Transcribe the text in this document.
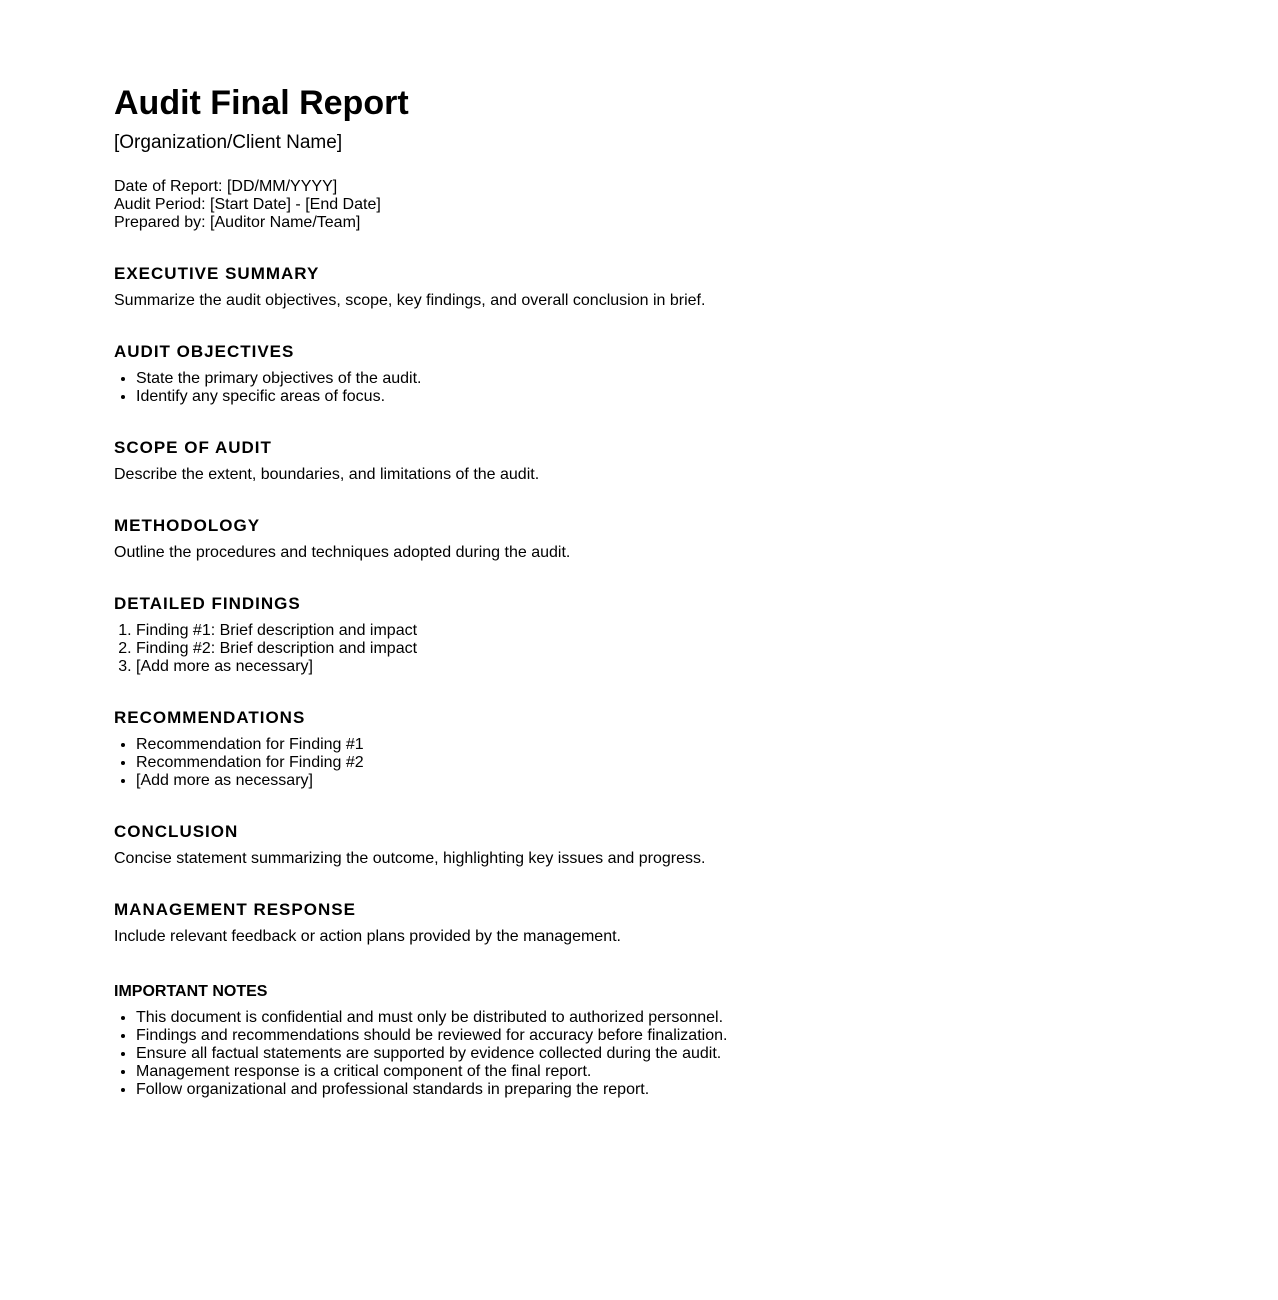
Audit Final Report
[Organization/Client Name]
Date of Report: [DD/MM/YYYY]
Audit Period: [Start Date] - [End Date]
Prepared by: [Auditor Name/Team]
EXECUTIVE SUMMARY

Summarize the audit objectives, scope, key findings, and overall conclusion in brief.

AUDIT OBJECTIVES
• State the primary objectives of the audit.
• Identify any specific areas of focus.
SCOPE OF AUDIT

Describe the extent, boundaries, and limitations of the audit.

METHODOLOGY

Outline the procedures and techniques adopted during the audit.

DETAILED FINDINGS
1. Finding #1: Brief description and impact
2. Finding #2: Brief description and impact
3. [Add more as necessary]
RECOMMENDATIONS
• Recommendation for Finding #1
• Recommendation for Finding #2
• [Add more as necessary]
CONCLUSION

Concise statement summarizing the outcome, highlighting key issues and progress.

MANAGEMENT RESPONSE

Include relevant feedback or action plans provided by the management.

IMPORTANT NOTES
• This document is confidential and must only be distributed to authorized personnel.
• Findings and recommendations should be reviewed for accuracy before finalization.
• Ensure all factual statements are supported by evidence collected during the audit.
• Management response is a critical component of the final report.
• Follow organizational and professional standards in preparing the report.
